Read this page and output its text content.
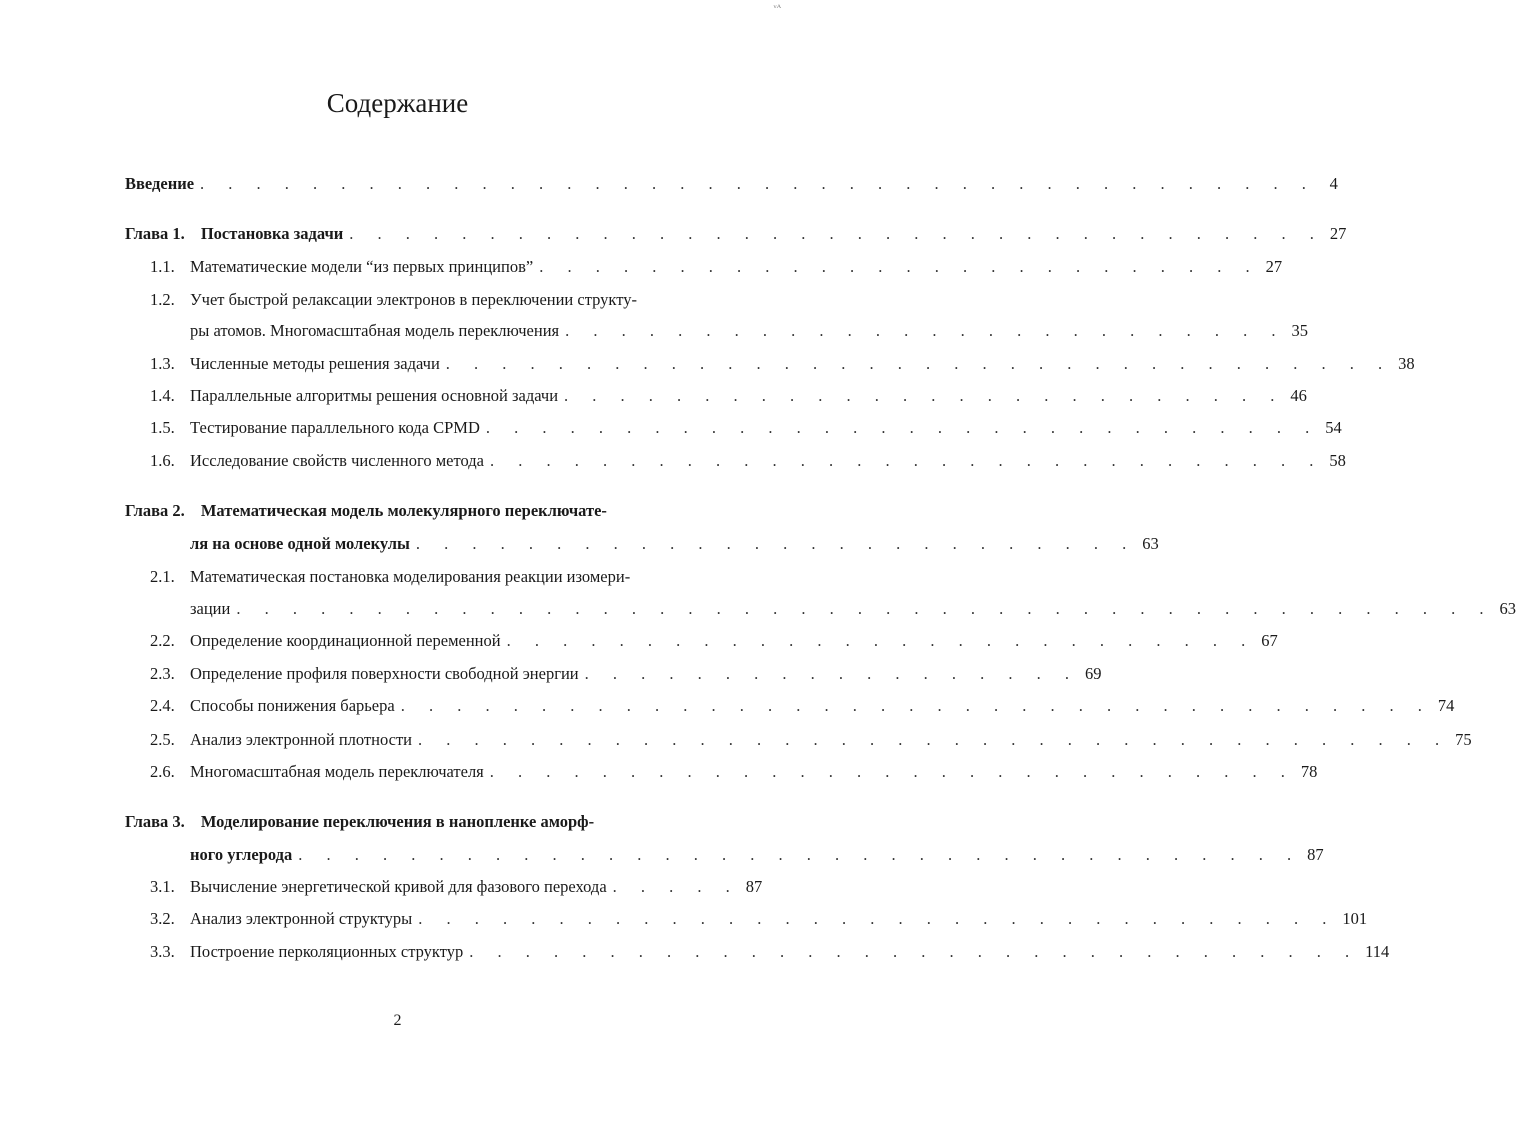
ᵛᴬ
Содержание
Введение . . . . . . . . . . . . . . . . . . . . . . . . . . . . . . . . . . . . . . . . 4
Глава 1. Постановка задачи . . . . . . . . . . . . . . . . . . . . . . . . . . . . . . . . . . . 27
1.1. Математические модели “из первых принципов” . . . . . . . . . . . . . . . . . . . . . . . . . . 27
Учет быстрой релаксации электронов в переключении структу-
ры атомов. Многомасштабная модель переключения . . . . . . . . . . . . . . . . . . . . . . . . . . 35
1.2.
1.3. Численные методы решения задачи . . . . . . . . . . . . . . . . . . . . . . . . . . . . . . . . . . 38
1.4. Параллельные алгоритмы решения основной задачи . . . . . . . . . . . . . . . . . . . . . . . . . . 46
1.5. Тестирование параллельного кода CPMD . . . . . . . . . . . . . . . . . . . . . . . . . . . . . . 54
1.6. Исследование свойств численного метода . . . . . . . . . . . . . . . . . . . . . . . . . . . . . . 58
Глава 2. Математическая модель молекулярного переключате-
ля на основе одной молекулы . . . . . . . . . . . . . . . . . . . . . . . . . . 63
2.1. Математическая постановка моделирования реакции изомери-
зации . . . . . . . . . . . . . . . . . . . . . . . . . . . . . . . . . . . . . . . . . . . . . 63
2.2. Определение координационной переменной . . . . . . . . . . . . . . . . . . . . . . . . . . . 67
2.3. Определение профиля поверхности свободной энергии . . . . . . . . . . . . . . . . . . 69
2.4. Способы понижения барьера . . . . . . . . . . . . . . . . . . . . . . . . . . . . . . . . . . . . . 74
2.5. Анализ электронной плотности . . . . . . . . . . . . . . . . . . . . . . . . . . . . . . . . . . . . . 75
2.6. Многомасштабная модель переключателя . . . . . . . . . . . . . . . . . . . . . . . . . . . . . 78
Глава 3. Моделирование переключения в нанопленке аморф-
ного углерода . . . . . . . . . . . . . . . . . . . . . . . . . . . . . . . . . . . . 87
3.1. Вычисление энергетической кривой для фазового перехода . . . . . 87
3.2. Анализ электронной структуры . . . . . . . . . . . . . . . . . . . . . . . . . . . . . . . . . 101
3.3. Построение перколяционных структур . . . . . . . . . . . . . . . . . . . . . . . . . . . . . . . . 114
2
